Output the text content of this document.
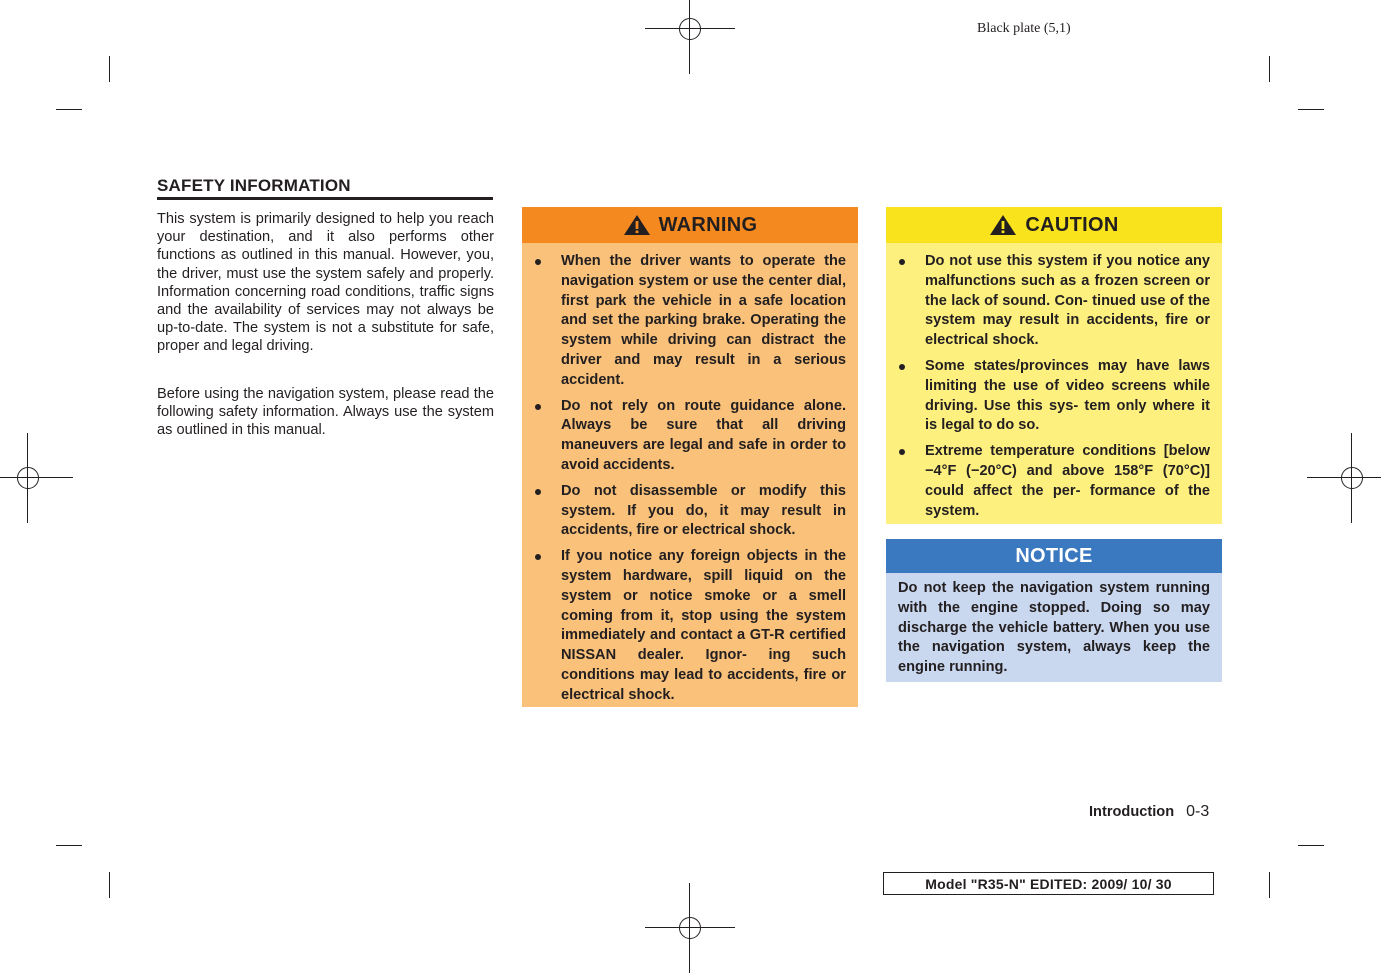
Black plate (5,1)
SAFETY INFORMATION
This system is primarily designed to help you reach your destination, and it also performs other functions as outlined in this manual. However, you, the driver, must use the system safely and properly. Information concerning road conditions, traffic signs and the availability of services may not always be up-to-date. The system is not a substitute for safe, proper and legal driving.
Before using the navigation system, please read the following safety information. Always use the system as outlined in this manual.
WARNING
When the driver wants to operate the navigation system or use the center dial, first park the vehicle in a safe location and set the parking brake. Operating the system while driving can distract the driver and may result in a serious accident.
Do not rely on route guidance alone. Always be sure that all driving maneuvers are legal and safe in order to avoid accidents.
Do not disassemble or modify this system. If you do, it may result in accidents, fire or electrical shock.
If you notice any foreign objects in the system hardware, spill liquid on the system or notice smoke or a smell coming from it, stop using the system immediately and contact a GT-R certified NISSAN dealer. Ignor- ing such conditions may lead to accidents, fire or electrical shock.
CAUTION
Do not use this system if you notice any malfunctions such as a frozen screen or the lack of sound. Con- tinued use of the system may result in accidents, fire or electrical shock.
Some states/provinces may have laws limiting the use of video screens while driving. Use this sys- tem only where it is legal to do so.
Extreme temperature conditions [below −4°F (−20°C) and above 158°F (70°C)] could affect the per- formance of the system.
NOTICE
Do not keep the navigation system running with the engine stopped. Doing so may discharge the vehicle battery. When you use the navigation system, always keep the engine running.
Introduction 0-3
Model "R35-N" EDITED: 2009/ 10/ 30
